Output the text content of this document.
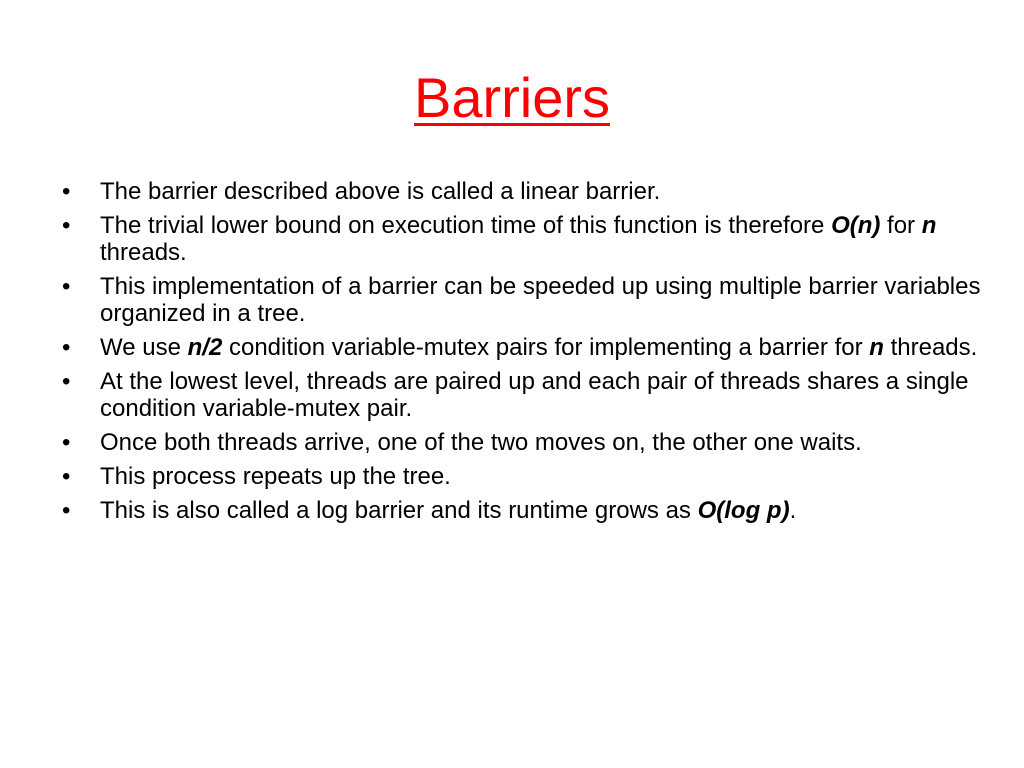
Barriers
•	The barrier described above is called a linear barrier.
•	The trivial lower bound on execution time of this function is therefore O(n) for n threads.
•	This implementation of a barrier can be speeded up using multiple barrier variables organized in a tree.
•	We use n/2 condition variable-mutex pairs for implementing a barrier for n threads.
•	At the lowest level, threads are paired up and each pair of threads shares a single condition variable-mutex pair.
•	Once both threads arrive, one of the two moves on, the other one waits.
•	This process repeats up the tree.
•	This is also called a log barrier and its runtime grows as O(log p).
